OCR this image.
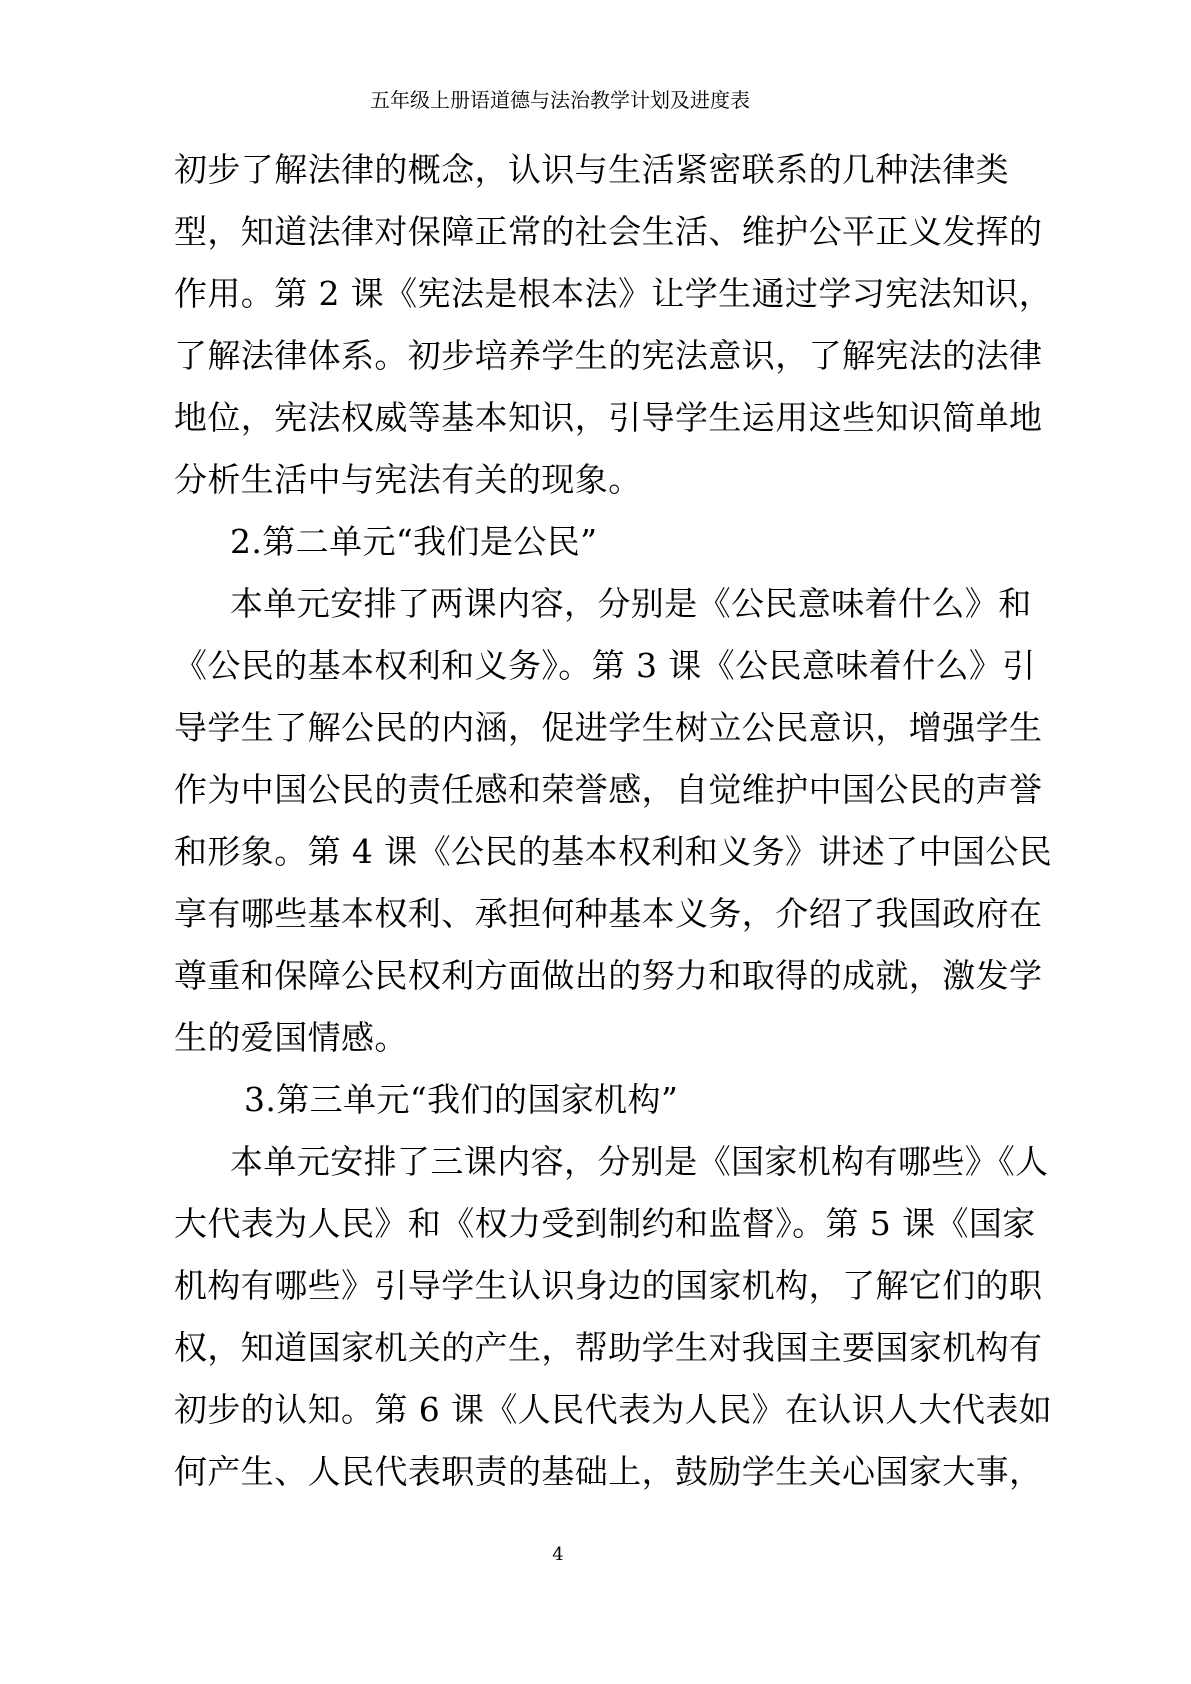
五年级上册语道德与法治教学计划及进度表
初步了解法律的概念，认识与生活紧密联系的几种法律类
型，知道法律对保障正常的社会生活、维护公平正义发挥的
作用。第 2 课《宪法是根本法》让学生通过学习宪法知识，
了解法律体系。初步培养学生的宪法意识，了解宪法的法律
地位，宪法权威等基本知识，引导学生运用这些知识简单地
分析生活中与宪法有关的现象。
2.第二单元“我们是公民”
本单元安排了两课内容，分别是《公民意味着什么》和
《公民的基本权利和义务》。第 3 课《公民意味着什么》引
导学生了解公民的内涵，促进学生树立公民意识，增强学生
作为中国公民的责任感和荣誉感，自觉维护中国公民的声誉
和形象。第 4 课《公民的基本权利和义务》讲述了中国公民
享有哪些基本权利、承担何种基本义务，介绍了我国政府在
尊重和保障公民权利方面做出的努力和取得的成就，激发学
生的爱国情感。
3.第三单元“我们的国家机构”
本单元安排了三课内容，分别是《国家机构有哪些》《人
大代表为人民》和《权力受到制约和监督》。第 5 课《国家
机构有哪些》引导学生认识身边的国家机构，了解它们的职
权，知道国家机关的产生，帮助学生对我国主要国家机构有
初步的认知。第 6 课《人民代表为人民》在认识人大代表如
何产生、人民代表职责的基础上，鼓励学生关心国家大事，
4
